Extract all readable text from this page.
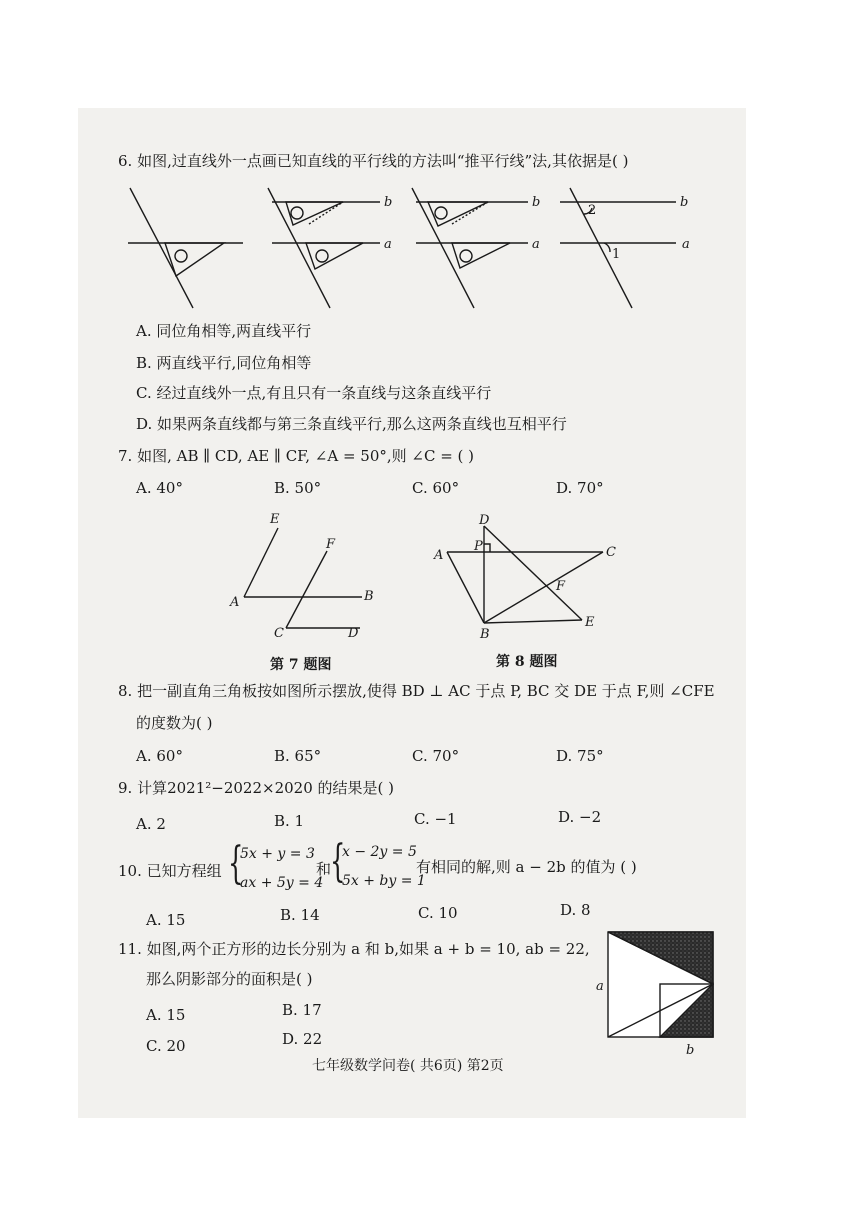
6. 如图,过直线外一点画已知直线的平行线的方法叫“推平行线”法,其依据是( )
b
a
b
a
b
a
2
1
A. 同位角相等,两直线平行
B. 两直线平行,同位角相等
C. 经过直线外一点,有且只有一条直线与这条直线平行
D. 如果两条直线都与第三条直线平行,那么这两条直线也互相平行
7. 如图, AB ∥ CD, AE ∥ CF, ∠A = 50°,则 ∠C = ( )
A. 40°	B. 50°	C. 60°	D. 70°
E
F
A	B
C	D
第 7 题图
D
P
A	C
F
B
E
第 8 题图
8. 把一副直角三角板按如图所示摆放,使得 BD ⊥ AC 于点 P, BC 交 DE 于点 F,则 ∠CFE
的度数为( )
A. 60°	B. 65°	C. 70°	D. 75°
9. 计算2021²−2022×2020 的结果是( )
A. 2	B. 1	C. −1	D. −2
10. 已知方程组 {
5x + y = 3
ax + 5y = 4
和
{
x − 2y = 5
5x + by = 1
有相同的解,则 a − 2b 的值为 ( )
A. 15	B. 14	C. 10	D. 8
11. 如图,两个正方形的边长分别为 a 和 b,如果 a + b = 10, ab = 22,
那么阴影部分的面积是( )
A. 15	B. 17
C. 20	D. 22
a
b
七年级数学问卷( 共6页) 第2页
